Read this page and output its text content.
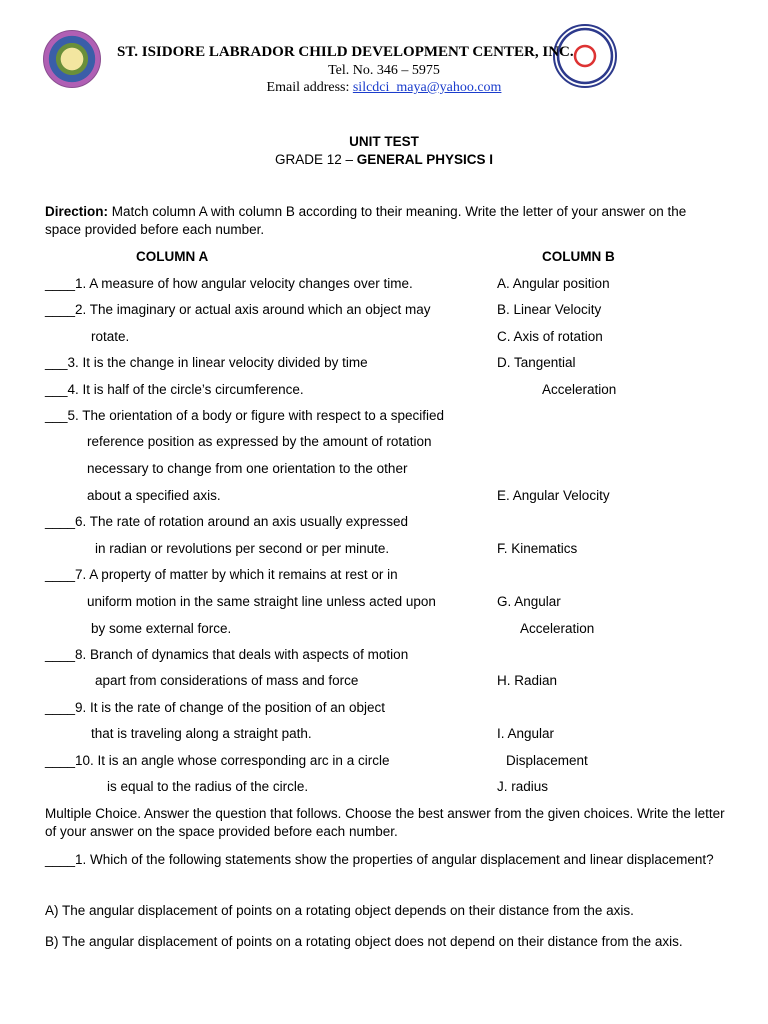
ST. ISIDORE LABRADOR CHILD DEVELOPMENT CENTER, INC.
Tel. No. 346 – 5975
Email address: silcdci_maya@yahoo.com
UNIT TEST
GRADE 12 – GENERAL PHYSICS I
Direction: Match column A with column B according to their meaning. Write the letter of your answer on the space provided before each number.
COLUMN A	COLUMN B
____1. A measure of how angular velocity changes over time.
____2. The imaginary or actual axis around which an object may
rotate.
___3. It is the change in linear velocity divided by time
___4. It is half of the circle’s circumference.
___5. The orientation of a body or figure with respect to a specified
reference position as expressed by the amount of rotation
necessary to change from one orientation to the other
about a specified axis.
____6. The rate of rotation around an axis usually expressed
in radian or revolutions per second or per minute.
____7. A property of matter by which it remains at rest or in
uniform motion in the same straight line unless acted upon
by some external force.
____8. Branch of dynamics that deals with aspects of motion
apart from considerations of mass and force
____9. It is the rate of change of the position of an object
that is traveling along a straight path.
____10. It is an angle whose corresponding arc in a circle
is equal to the radius of the circle.
A. Angular position
B. Linear Velocity
C. Axis of rotation
D. Tangential
Acceleration
E. Angular Velocity
F. Kinematics
G. Angular
Acceleration
H. Radian
I. Angular
Displacement
J. radius
Multiple Choice. Answer the question that follows. Choose the best answer from the given choices. Write the letter of your answer on the space provided before each number.
____1. Which of the following statements show the properties of angular displacement and linear displacement?
A) The angular displacement of points on a rotating object depends on their distance from the axis.
B) The angular displacement of points on a rotating object does not depend on their distance from the axis.
